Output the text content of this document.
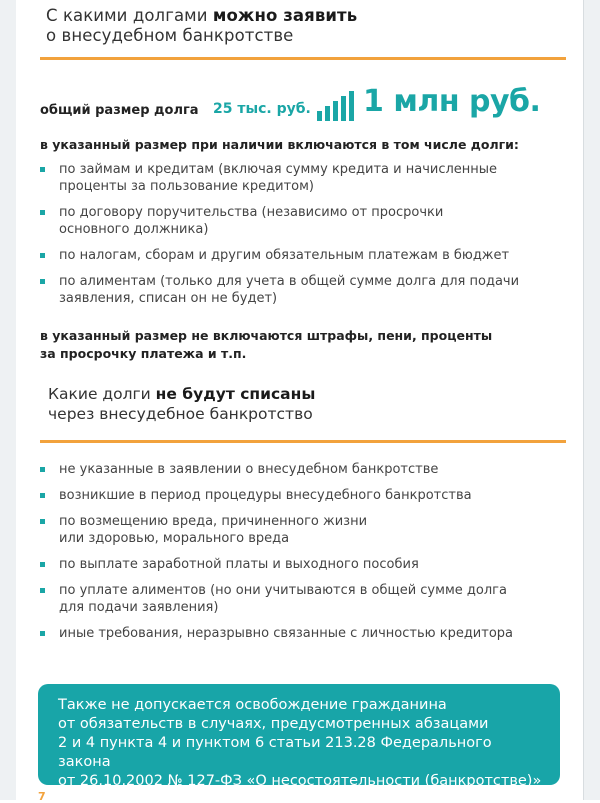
С какими долгами можно заявить
о внесудебном банкротстве
общий размер долга 25 тыс. руб. 1 млн руб.
в указанный размер при наличии включаются в том числе долги:
по займам и кредитам (включая сумму кредита и начисленные
проценты за пользование кредитом)
по договору поручительства (независимо от просрочки
основного должника)
по налогам, сборам и другим обязательным платежам в бюджет
по алиментам (только для учета в общей сумме долга для подачи
заявления, списан он не будет)
в указанный размер не включаются штрафы, пени, проценты
за просрочку платежа и т.п.
Какие долги не будут списаны
через внесудебное банкротство
не указанные в заявлении о внесудебном банкротстве
возникшие в период процедуры внесудебного банкротства
по возмещению вреда, причиненного жизни
или здоровью, морального вреда
по выплате заработной платы и выходного пособия
по уплате алиментов (но они учитываются в общей сумме долга
для подачи заявления)
иные требования, неразрывно связанные с личностью кредитора
Также не допускается освобождение гражданина
от обязательств в случаях, предусмотренных абзацами
2 и 4 пункта 4 и пунктом 6 статьи 213.28 Федерального закона
от 26.10.2002 № 127-ФЗ «О несостоятельности (банкротстве)»
7
